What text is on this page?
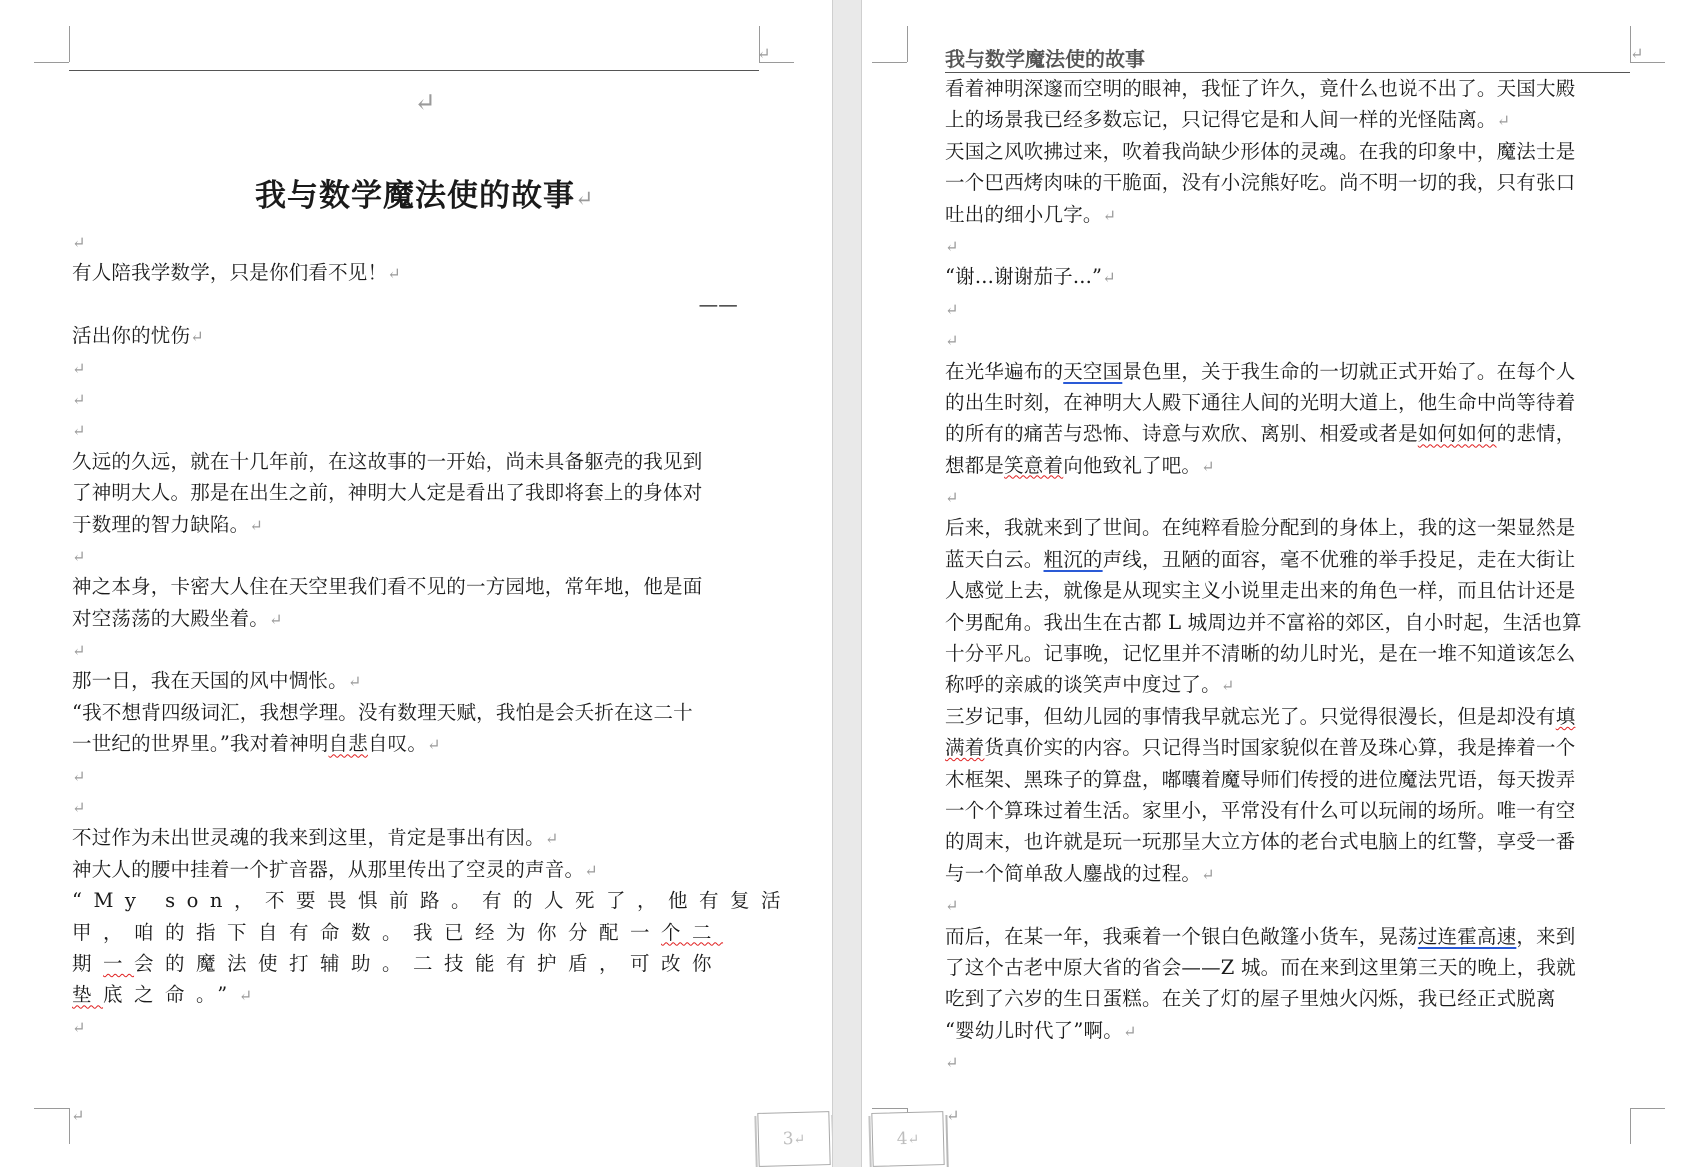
↵
↵
我与数学魔法使的故事↵
↵
有人陪我学数学，只是你们看不见！↵
——
活出你的忧伤↵
↵
↵
↵
久远的久远，就在十几年前，在这故事的一开始，尚未具备躯壳的我见到
了神明大人。那是在出生之前，神明大人定是看出了我即将套上的身体对
于数理的智力缺陷。↵
↵
神之本身，卡密大人住在天空里我们看不见的一方园地，常年地，他是面
对空荡荡的大殿坐着。↵
↵
那一日，我在天国的风中惆怅。↵
“我不想背四级词汇，我想学理。没有数理天赋，我怕是会夭折在这二十
一世纪的世界里。”我对着神明自悲自叹。↵
↵
↵
不过作为未出世灵魂的我来到这里，肯定是事出有因。↵
神大人的腰中挂着一个扩音器，从那里传出了空灵的声音。↵
“My son，不要畏惧前路。有的人死了，他有复活
甲，咱的指下自有命数。我已经为你分配一个二
期一会的魔法使打辅助。二技能有护盾，可改你
垫底之命。”↵
↵
↵
3↵
↵
我与数学魔法使的故事
看着神明深邃而空明的眼神，我怔了许久，竟什么也说不出了。天国大殿
上的场景我已经多数忘记，只记得它是和人间一样的光怪陆离。↵
天国之风吹拂过来，吹着我尚缺少形体的灵魂。在我的印象中，魔法士是
一个巴西烤肉味的干脆面，没有小浣熊好吃。尚不明一切的我，只有张口
吐出的细小几字。↵
↵
“谢...谢谢茄子...”↵
↵
↵
在光华遍布的天空国景色里，关于我生命的一切就正式开始了。在每个人
的出生时刻，在神明大人殿下通往人间的光明大道上，他生命中尚等待着
的所有的痛苦与恐怖、诗意与欢欣、离别、相爱或者是如何如何的悲情，
想都是笑意着向他致礼了吧。↵
↵
后来，我就来到了世间。在纯粹看脸分配到的身体上，我的这一架显然是
蓝天白云。粗沉的声线，丑陋的面容，毫不优雅的举手投足，走在大街让
人感觉上去，就像是从现实主义小说里走出来的角色一样，而且估计还是
个男配角。我出生在古都 L 城周边并不富裕的郊区，自小时起，生活也算
十分平凡。记事晚，记忆里并不清晰的幼儿时光，是在一堆不知道该怎么
称呼的亲戚的谈笑声中度过了。↵
三岁记事，但幼儿园的事情我早就忘光了。只觉得很漫长，但是却没有填
满着货真价实的内容。只记得当时国家貌似在普及珠心算，我是捧着一个
木框架、黑珠子的算盘，嘟囔着魔导师们传授的进位魔法咒语，每天拨弄
一个个算珠过着生活。家里小，平常没有什么可以玩闹的场所。唯一有空
的周末，也许就是玩一玩那呈大立方体的老台式电脑上的红警，享受一番
与一个简单敌人鏖战的过程。↵
↵
而后，在某一年，我乘着一个银白色敞篷小货车，晃荡过连霍高速，来到
了这个古老中原大省的省会——Z 城。而在来到这里第三天的晚上，我就
吃到了六岁的生日蛋糕。在关了灯的屋子里烛火闪烁，我已经正式脱离
“婴幼儿时代了”啊。↵
↵
↵
4↵
